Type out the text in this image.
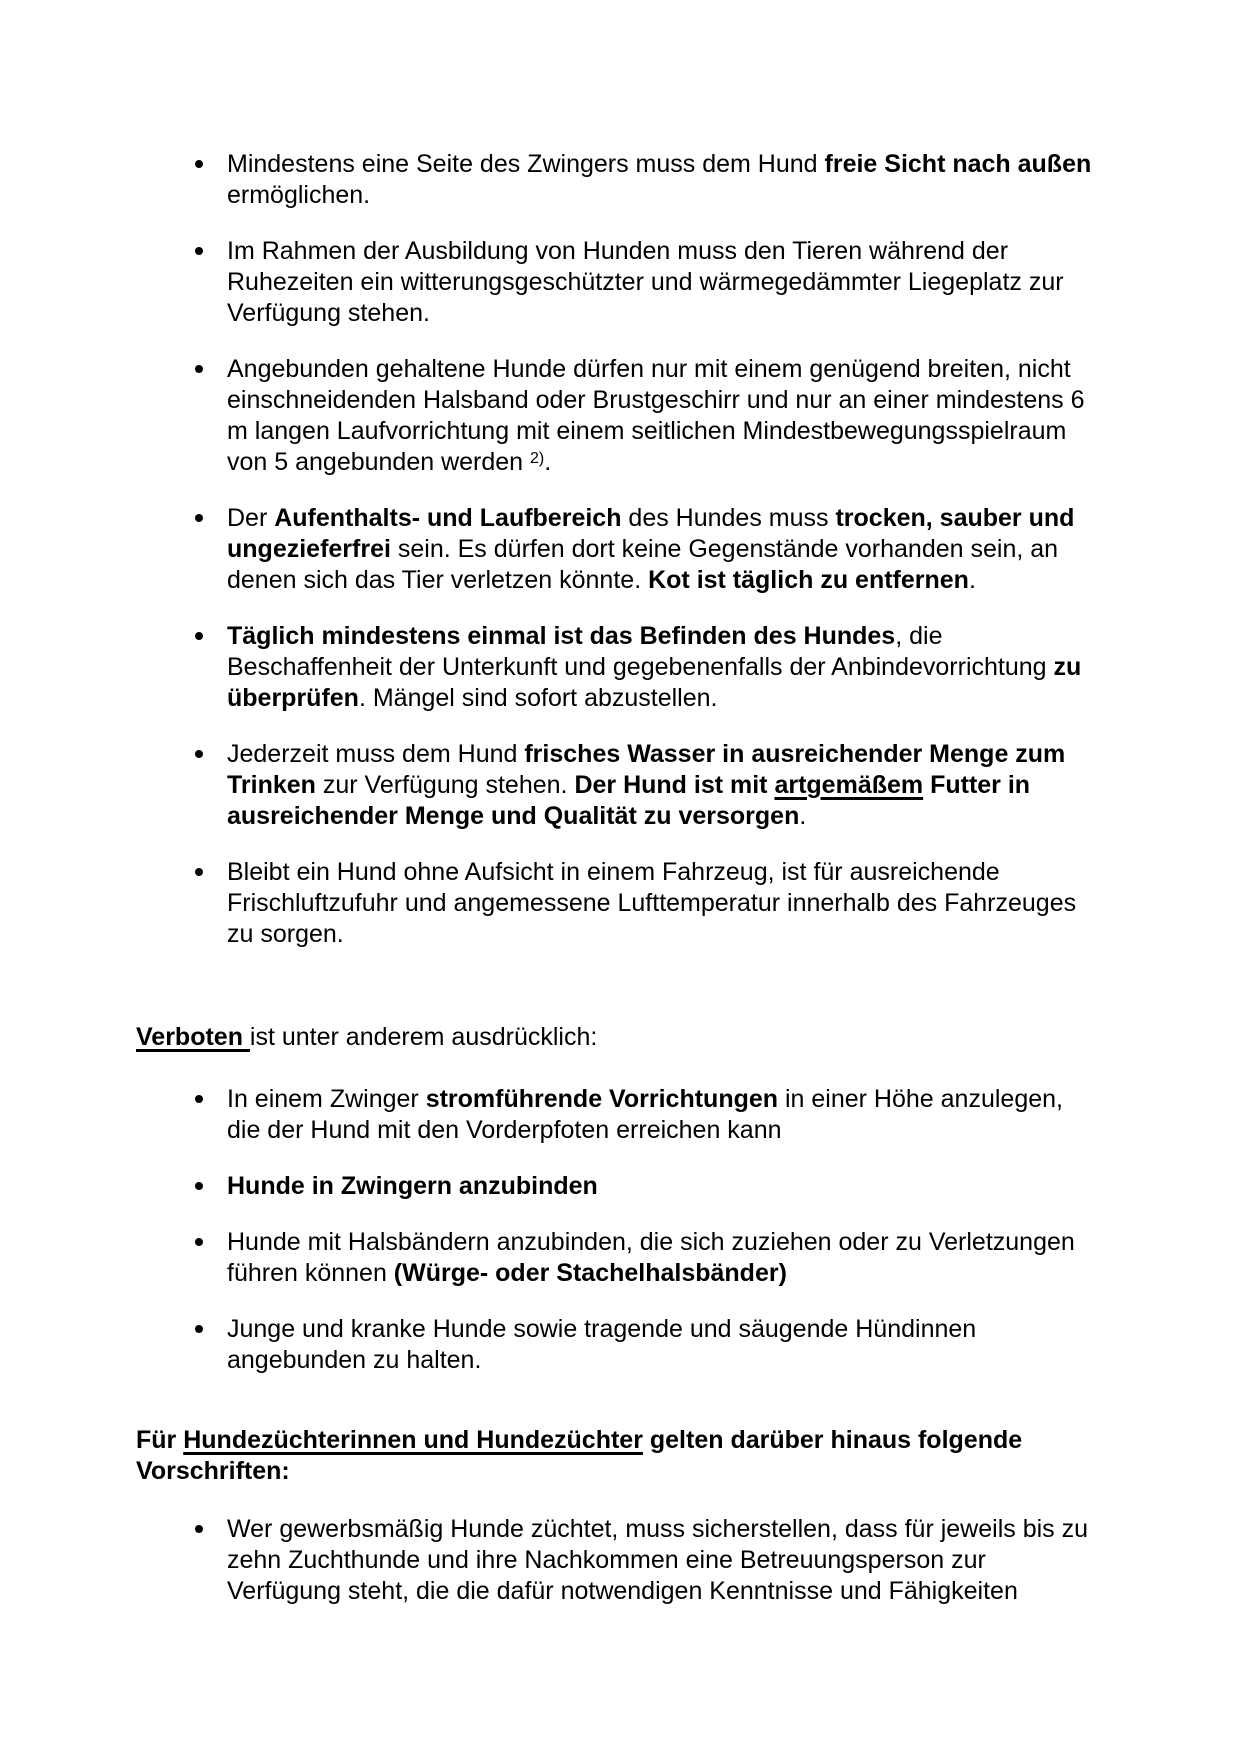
Mindestens eine Seite des Zwingers muss dem Hund freie Sicht nach außen
ermöglichen.
Im Rahmen der Ausbildung von Hunden muss den Tieren während der
Ruhezeiten ein witterungsgeschützter und wärmegedämmter Liegeplatz zur
Verfügung stehen.
Angebunden gehaltene Hunde dürfen nur mit einem genügend breiten, nicht
einschneidenden Halsband oder Brustgeschirr und nur an einer mindestens 6
m langen Laufvorrichtung mit einem seitlichen Mindestbewegungsspielraum
von 5 angebunden werden $^{2)}$.
Der Aufenthalts- und Laufbereich des Hundes muss trocken, sauber und
ungezieferfrei sein. Es dürfen dort keine Gegenstände vorhanden sein, an
denen sich das Tier verletzen könnte. Kot ist täglich zu entfernen.
Täglich mindestens einmal ist das Befinden des Hundes, die
Beschaffenheit der Unterkunft und gegebenenfalls der Anbindevorrichtung zu
überprüfen. Mängel sind sofort abzustellen.
Jederzeit muss dem Hund frisches Wasser in ausreichender Menge zum
Trinken zur Verfügung stehen. Der Hund ist mit artgemäßem Futter in
ausreichender Menge und Qualität zu versorgen.
Bleibt ein Hund ohne Aufsicht in einem Fahrzeug, ist für ausreichende
Frischluftzufuhr und angemessene Lufttemperatur innerhalb des Fahrzeuges
zu sorgen.
Verboten ist unter anderem ausdrücklich:
In einem Zwinger stromführende Vorrichtungen in einer Höhe anzulegen,
die der Hund mit den Vorderpfoten erreichen kann
Hunde in Zwingern anzubinden
Hunde mit Halsbändern anzubinden, die sich zuziehen oder zu Verletzungen
führen können (Würge- oder Stachelhalsbänder)
Junge und kranke Hunde sowie tragende und säugende Hündinnen
angebunden zu halten.
Für Hundezüchterinnen und Hundezüchter gelten darüber hinaus folgende
Vorschriften:
Wer gewerbsmäßig Hunde züchtet, muss sicherstellen, dass für jeweils bis zu
zehn Zuchthunde und ihre Nachkommen eine Betreuungsperson zur
Verfügung steht, die die dafür notwendigen Kenntnisse und Fähigkeiten
